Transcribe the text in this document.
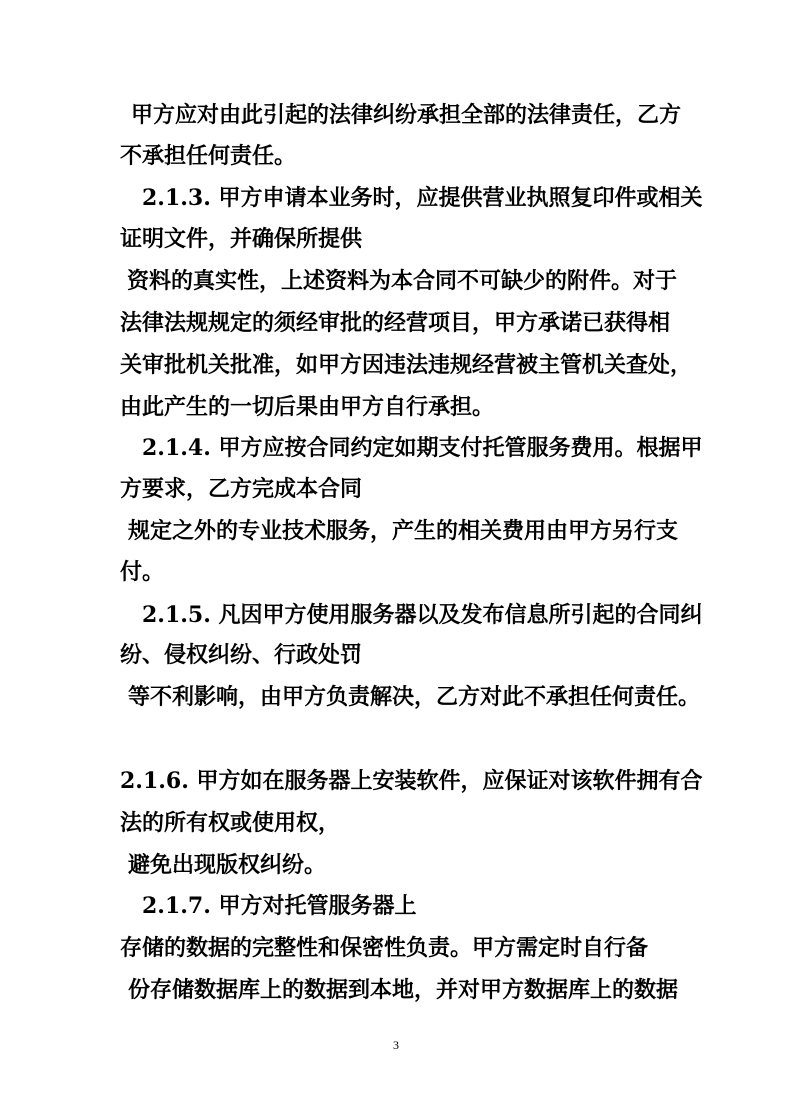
甲方应对由此引起的法律纠纷承担全部的法律责任，乙方
不承担任何责任。
2.1.3. 甲方申请本业务时，应提供营业执照复印件或相关
证明文件，并确保所提供
资料的真实性，上述资料为本合同不可缺少的附件。对于
法律法规规定的须经审批的经营项目，甲方承诺已获得相
关审批机关批准，如甲方因违法违规经营被主管机关查处，
由此产生的一切后果由甲方自行承担。
2.1.4. 甲方应按合同约定如期支付托管服务费用。根据甲
方要求，乙方完成本合同
规定之外的专业技术服务，产生的相关费用由甲方另行支
付。
2.1.5. 凡因甲方使用服务器以及发布信息所引起的合同纠
纷、侵权纠纷、行政处罚
等不利影响，由甲方负责解决，乙方对此不承担任何责任。
2.1.6. 甲方如在服务器上安装软件，应保证对该软件拥有合
法的所有权或使用权，
避免出现版权纠纷。
2.1.7. 甲方对托管服务器上
存储的数据的完整性和保密性负责。甲方需定时自行备
份存储数据库上的数据到本地，并对甲方数据库上的数据
3
